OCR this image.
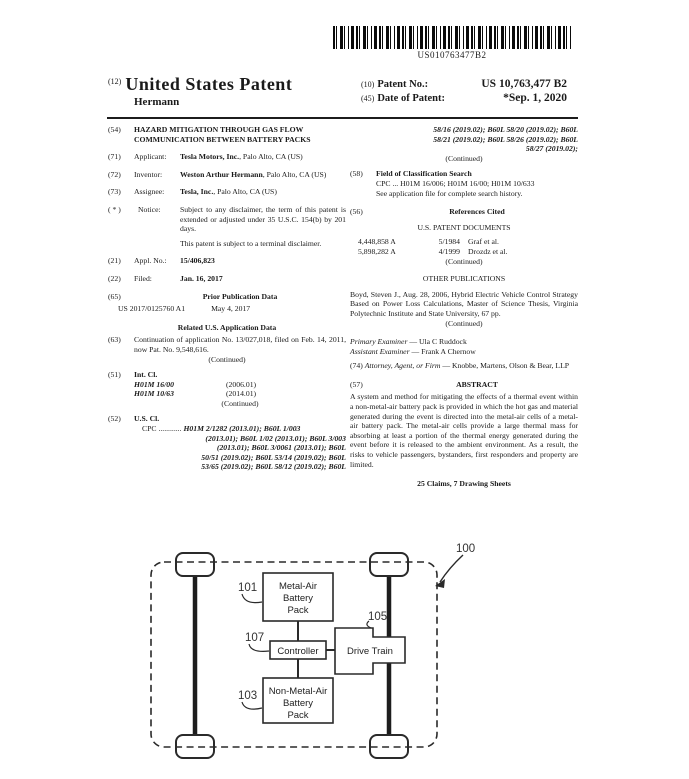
US010763477B2
$^{(12)}$ United States Patent
Hermann
(10) Patent No.:	US 10,763,477 B2
(45) Date of Patent:	*Sep. 1, 2020
(54)	HAZARD MITIGATION THROUGH GAS FLOW COMMUNICATION BETWEEN BATTERY PACKS
(71)	Applicant:	Tesla Motors, Inc., Palo Alto, CA (US)
(72)	Inventor:	Weston Arthur Hermann, Palo Alto, CA (US)
(73)	Assignee:	Tesla, Inc., Palo Alto, CA (US)
( * )	Notice:	Subject to any disclaimer, the term of this patent is extended or adjusted under 35 U.S.C. 154(b) by 201 days.
This patent is subject to a terminal disclaimer.
(21)	Appl. No.:	15/406,823
(22)	Filed:	Jan. 16, 2017
(65)	Prior Publication Data
US 2017/0125760 A1	May 4, 2017
Related U.S. Application Data
(63)	Continuation of application No. 13/027,018, filed on Feb. 14, 2011, now Pat. No. 9,548,616.
(Continued)
(51)	Int. Cl.
H01M 16/00	(2006.01)
H01M 10/63	(2014.01)
(Continued)
(52)	U.S. Cl.
CPC ............ H01M 2/1282 (2013.01); B60L 1/003
(2013.01); B60L 1/02 (2013.01); B60L 3/003
(2013.01); B60L 3/0061 (2013.01); B60L
50/51 (2019.02); B60L 53/14 (2019.02); B60L
53/65 (2019.02); B60L 58/12 (2019.02); B60L
58/16 (2019.02); B60L 58/20 (2019.02); B60L
58/21 (2019.02); B60L 58/26 (2019.02); B60L
58/27 (2019.02);
(Continued)
(58)	Field of Classification Search
CPC ... H01M 16/006; H01M 16/00; H01M 10/633
See application file for complete search history.
(56)	References Cited
U.S. PATENT DOCUMENTS
4,448,858 A	5/1984 Graf et al.
5,898,282 A	4/1999 Drozdz et al.
(Continued)
OTHER PUBLICATIONS
Boyd, Steven J., Aug. 28, 2006, Hybrid Electric Vehicle Control Strategy Based on Power Loss Calculations, Master of Science Thesis, Virginia Polytechnic Institute and State University, 67 pp.
(Continued)
Primary Examiner — Ula C Ruddock
Assistant Examiner — Frank A Chernow
(74) Attorney, Agent, or Firm — Knobbe, Martens, Olson & Bear, LLP
(57)	ABSTRACT
A system and method for mitigating the effects of a thermal event within a non-metal-air battery pack is provided in which the hot gas and material generated during the event is directed into the metal-air cells of a metal-air battery pack. The metal-air cells provide a large thermal mass for absorbing at least a portion of the thermal energy generated during the event before it is released to the ambient environment. As a result, the risks to vehicle passengers, bystanders, first responders and property are limited.
25 Claims, 7 Drawing Sheets
Metal-Air
Battery
Pack
Controller	Drive Train
Non-Metal-Air
Battery
Pack
100
101
107
105
103
